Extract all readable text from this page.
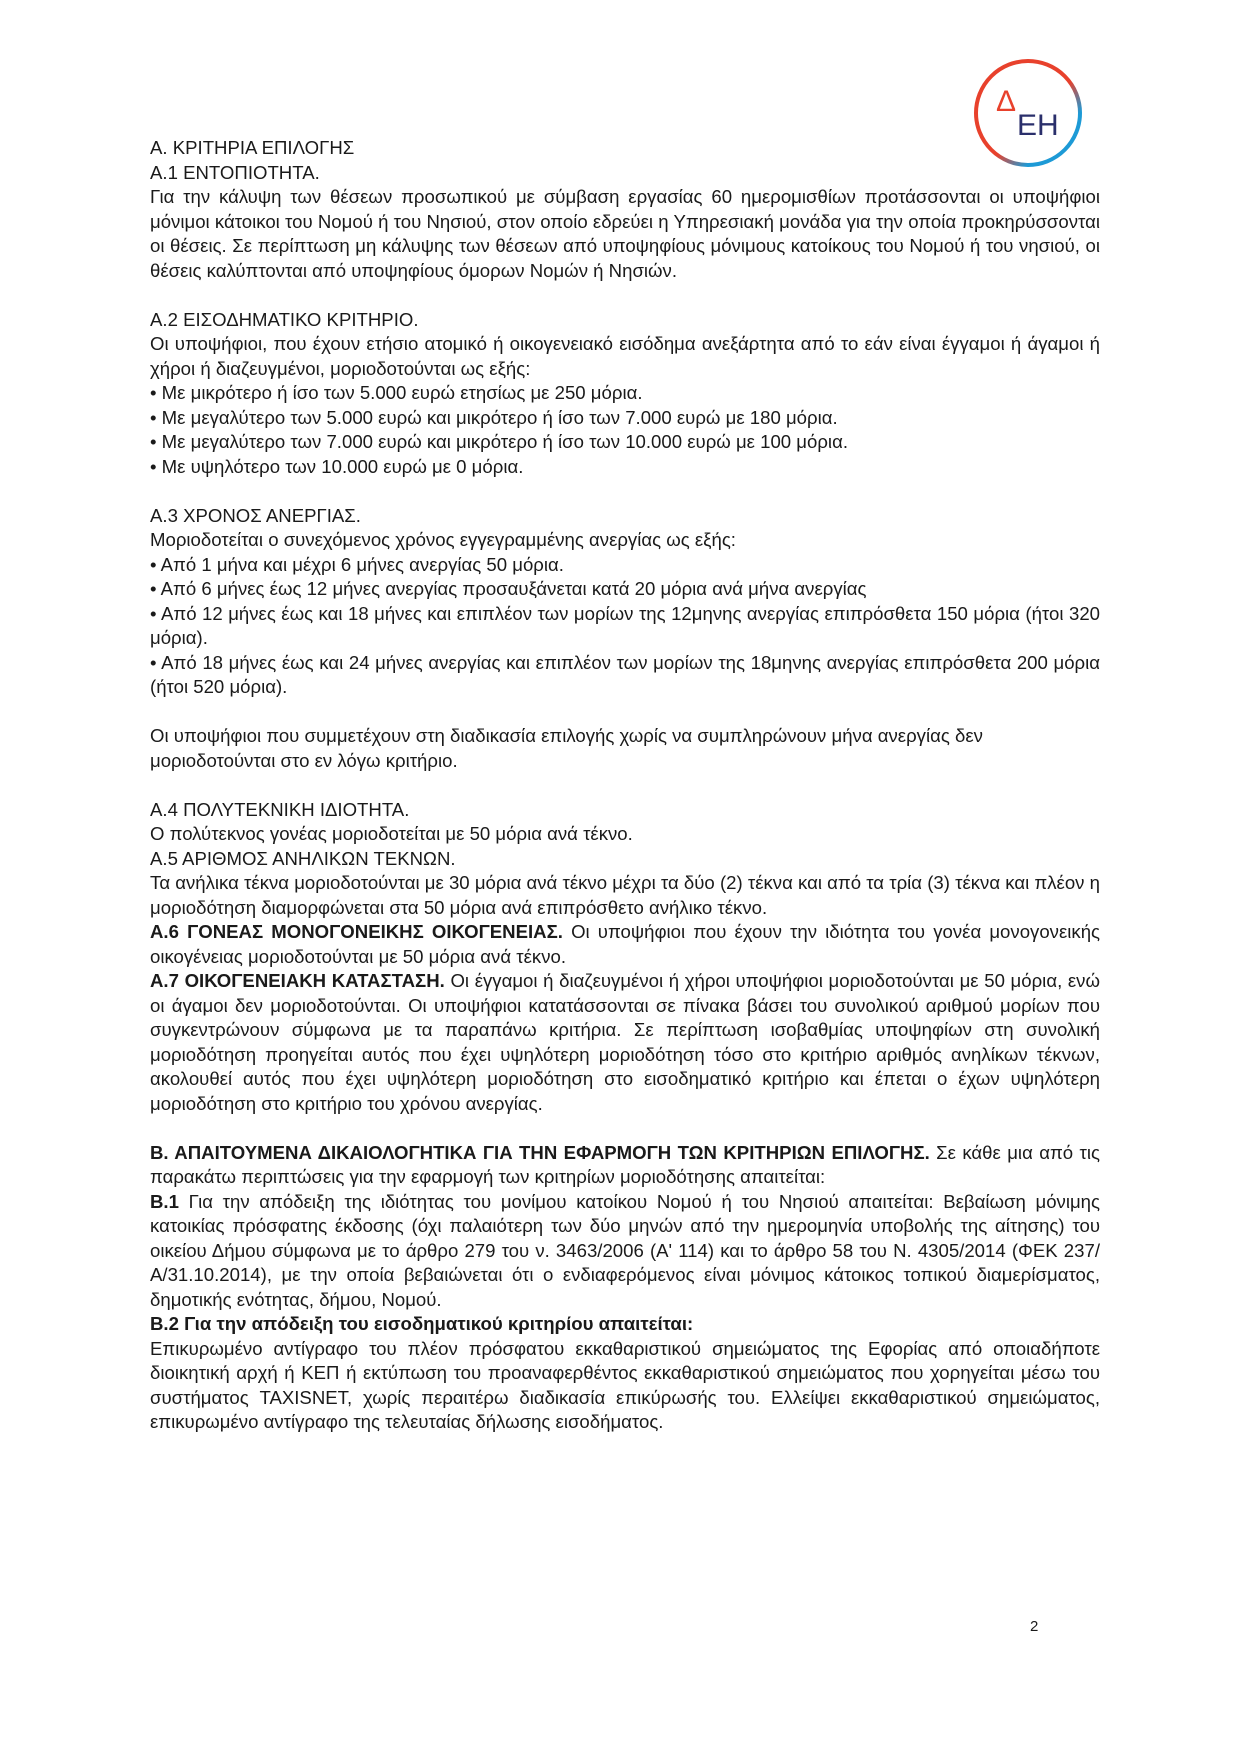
Δ
ΕΗ

Α. ΚΡΙΤΗΡΙΑ ΕΠΙΛΟΓΗΣ

Α.1 ΕΝΤΟΠΙΟΤΗΤΑ.

Για την κάλυψη των θέσεων προσωπικού με σύμβαση εργασίας 60 ημερομισθίων προτάσσονται οι υποψήφιοι μόνιμοι κάτοικοι του Νομού ή του Νησιού, στον οποίο εδρεύει η Υπηρεσιακή μονάδα για την οποία προκηρύσσονται οι θέσεις. Σε περίπτωση μη κάλυψης των θέσεων από υποψηφίους μόνιμους κατοίκους του Νομού ή του νησιού, οι θέσεις καλύπτονται από υποψηφίους όμορων Νομών ή Νησιών.

Α.2 ΕΙΣΟΔΗΜΑΤΙΚΟ ΚΡΙΤΗΡΙΟ.

Οι υποψήφιοι, που έχουν ετήσιο ατομικό ή οικογενειακό εισόδημα ανεξάρτητα από το εάν είναι έγγαμοι ή άγαμοι ή χήροι ή διαζευγμένοι, μοριοδοτούνται ως εξής:

• Με μικρότερο ή ίσο των 5.000 ευρώ ετησίως με 250 μόρια.

• Με μεγαλύτερο των 5.000 ευρώ και μικρότερο ή ίσο των 7.000 ευρώ με 180 μόρια.

• Με μεγαλύτερο των 7.000 ευρώ και μικρότερο ή ίσο των 10.000 ευρώ με 100 μόρια.

• Με υψηλότερο των 10.000 ευρώ με 0 μόρια.

Α.3 ΧΡΟΝΟΣ ΑΝΕΡΓΙΑΣ.

Μοριοδοτείται ο συνεχόμενος χρόνος εγγεγραμμένης ανεργίας ως εξής:

• Από 1 μήνα και μέχρι 6 μήνες ανεργίας 50 μόρια.

• Από 6 μήνες έως 12 μήνες ανεργίας προσαυξάνεται κατά 20 μόρια ανά μήνα ανεργίας

• Από 12 μήνες έως και 18 μήνες και επιπλέον των μορίων της 12μηνης ανεργίας επιπρόσθετα 150 μόρια (ήτοι 320 μόρια).

• Από 18 μήνες έως και 24 μήνες ανεργίας και επιπλέον των μορίων της 18μηνης ανεργίας επιπρόσθετα 200 μόρια (ήτοι 520 μόρια).

Οι υποψήφιοι που συμμετέχουν στη διαδικασία επιλογής χωρίς να συμπληρώνουν μήνα ανεργίας δεν μοριοδοτούνται στο εν λόγω κριτήριο.

Α.4 ΠΟΛΥΤΕΚΝΙΚΗ ΙΔΙΟΤΗΤΑ.

Ο πολύτεκνος γονέας μοριοδοτείται με 50 μόρια ανά τέκνο.

Α.5 ΑΡΙΘΜΟΣ ΑΝΗΛΙΚΩΝ ΤΕΚΝΩΝ.

Τα ανήλικα τέκνα μοριοδοτούνται με 30 μόρια ανά τέκνο μέχρι τα δύο (2) τέκνα και από τα τρία (3) τέκνα και πλέον η μοριοδότηση διαμορφώνεται στα 50 μόρια ανά επιπρόσθετο ανήλικο τέκνο.

Α.6 ΓΟΝΕΑΣ ΜΟΝΟΓΟΝΕΙΚΗΣ ΟΙΚΟΓΕΝΕΙΑΣ. Οι υποψήφιοι που έχουν την ιδιότητα του γονέα μονογονεικής οικογένειας μοριοδοτούνται με 50 μόρια ανά τέκνο.

Α.7 ΟΙΚΟΓΕΝΕΙΑΚΗ ΚΑΤΑΣΤΑΣΗ. Οι έγγαμοι ή διαζευγμένοι ή χήροι υποψήφιοι μοριοδοτούνται με 50 μόρια, ενώ οι άγαμοι δεν μοριοδοτούνται. Οι υποψήφιοι κατατάσσονται σε πίνακα βάσει του συνολικού αριθμού μορίων που συγκεντρώνουν σύμφωνα με τα παραπάνω κριτήρια. Σε περίπτωση ισοβαθμίας υποψηφίων στη συνολική μοριοδότηση προηγείται αυτός που έχει υψηλότερη μοριοδότηση τόσο στο κριτήριο αριθμός ανηλίκων τέκνων, ακολουθεί αυτός που έχει υψηλότερη μοριοδότηση στο εισοδηματικό κριτήριο και έπεται ο έχων υψηλότερη μοριοδότηση στο κριτήριο του χρόνου ανεργίας.

Β. ΑΠΑΙΤΟΥΜΕΝΑ ΔΙΚΑΙΟΛΟΓΗΤΙΚΑ ΓΙΑ ΤΗΝ ΕΦΑΡΜΟΓΗ ΤΩΝ ΚΡΙΤΗΡΙΩΝ ΕΠΙΛΟΓΗΣ. Σε κάθε μια από τις παρακάτω περιπτώσεις για την εφαρμογή των κριτηρίων μοριοδότησης απαιτείται:

Β.1 Για την απόδειξη της ιδιότητας του μονίμου κατοίκου Νομού ή του Νησιού απαιτείται: Βεβαίωση μόνιμης κατοικίας πρόσφατης έκδοσης (όχι παλαιότερη των δύο μηνών από την ημερομηνία υποβολής της αίτησης) του οικείου Δήμου σύμφωνα με το άρθρο 279 του ν. 3463/2006 (Α' 114) και το άρθρο 58 του Ν. 4305/2014 (ΦΕΚ 237/Α/31.10.2014), με την οποία βεβαιώνεται ότι ο ενδιαφερόμενος είναι μόνιμος κάτοικος τοπικού διαμερίσματος, δημοτικής ενότητας, δήμου, Νομού.

Β.2 Για την απόδειξη του εισοδηματικού κριτηρίου απαιτείται:

Επικυρωμένο αντίγραφο του πλέον πρόσφατου εκκαθαριστικού σημειώματος της Εφορίας από οποιαδήποτε διοικητική αρχή ή ΚΕΠ ή εκτύπωση του προαναφερθέντος εκκαθαριστικού σημειώματος που χορηγείται μέσω του συστήματος TAXISNET, χωρίς περαιτέρω διαδικασία επικύρωσής του. Ελλείψει εκκαθαριστικού σημειώματος, επικυρωμένο αντίγραφο της τελευταίας δήλωσης εισοδήματος.

2
